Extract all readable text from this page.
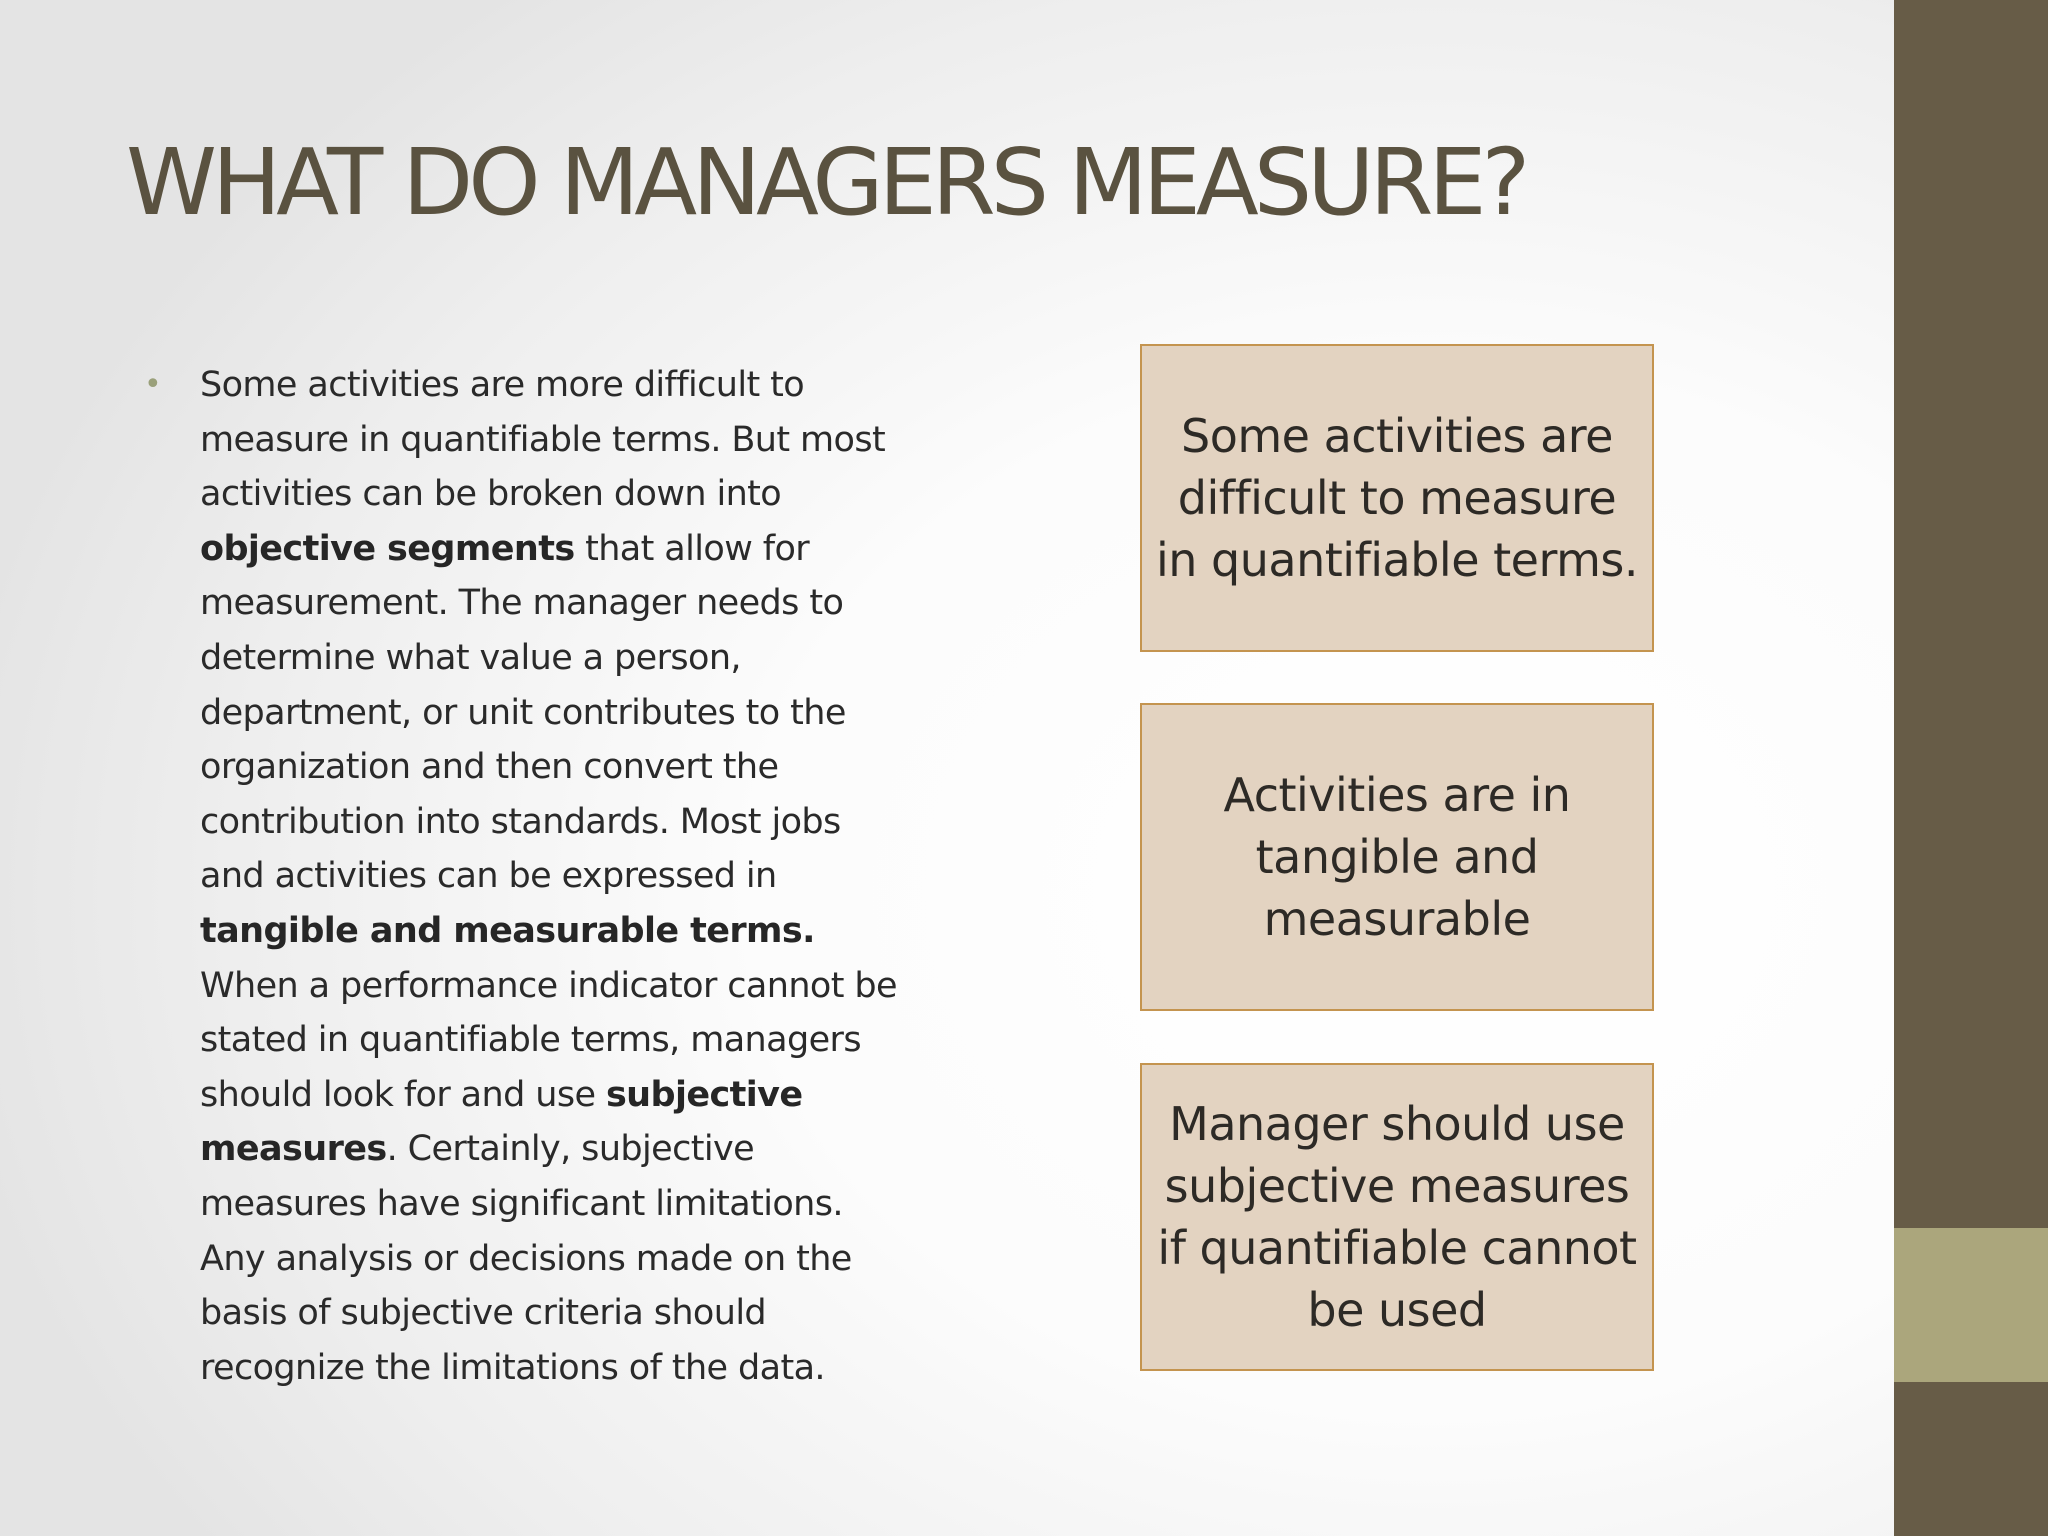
WHAT DO MANAGERS MEASURE?
• Some activities are more difficult to measure in quantifiable terms. But most activities can be broken down into objective segments that allow for measurement. The manager needs to determine what value a person, department, or unit contributes to the organization and then convert the contribution into standards. Most jobs and activities can be expressed in tangible and measurable terms. When a performance indicator cannot be stated in quantifiable terms, managers should look for and use subjective measures. Certainly, subjective measures have significant limitations. Any analysis or decisions made on the basis of subjective criteria should recognize the limitations of the data.
Some activities are difficult to measure in quantifiable terms.
Activities are in tangible and measurable
Manager should use subjective measures if quantifiable cannot be used
